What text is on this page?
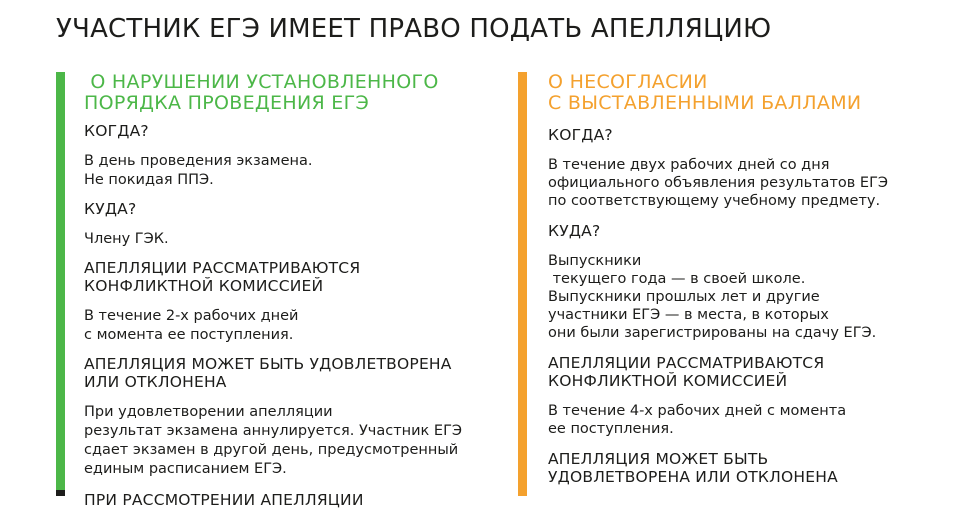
УЧАСТНИК ЕГЭ ИМЕЕТ ПРАВО ПОДАТЬ АПЕЛЛЯЦИЮ
О НАРУШЕНИИ УСТАНОВЛЕННОГО
ПОРЯДКА ПРОВЕДЕНИЯ ЕГЭ
КОГДА?
В день проведения экзамена.
Не покидая ППЭ.
КУДА?
Члену ГЭК.
АПЕЛЛЯЦИИ РАССМАТРИВАЮТСЯ
КОНФЛИКТНОЙ КОМИССИЕЙ
В течение 2-х рабочих дней
с момента ее поступления.
АПЕЛЛЯЦИЯ МОЖЕТ БЫТЬ УДОВЛЕТВОРЕНА
ИЛИ ОТКЛОНЕНА
При удовлетворении апелляции
результат экзамена аннулируется. Участник ЕГЭ
сдает экзамен в другой день, предусмотренный
единым расписанием ЕГЭ.
ПРИ РАССМОТРЕНИИ АПЕЛЛЯЦИИ
О НЕСОГЛАСИИ
С ВЫСТАВЛЕННЫМИ БАЛЛАМИ
КОГДА?
В течение двух рабочих дней со дня
официального объявления результатов ЕГЭ
по соответствующему учебному предмету.
КУДА?
Выпускники
текущего года — в своей школе.
Выпускники прошлых лет и другие
участники ЕГЭ — в места, в которых
они были зарегистрированы на сдачу ЕГЭ.
АПЕЛЛЯЦИИ РАССМАТРИВАЮТСЯ
КОНФЛИКТНОЙ КОМИССИЕЙ
В течение 4-х рабочих дней с момента
ее поступления.
АПЕЛЛЯЦИЯ МОЖЕТ БЫТЬ
УДОВЛЕТВОРЕНА ИЛИ ОТКЛОНЕНА
